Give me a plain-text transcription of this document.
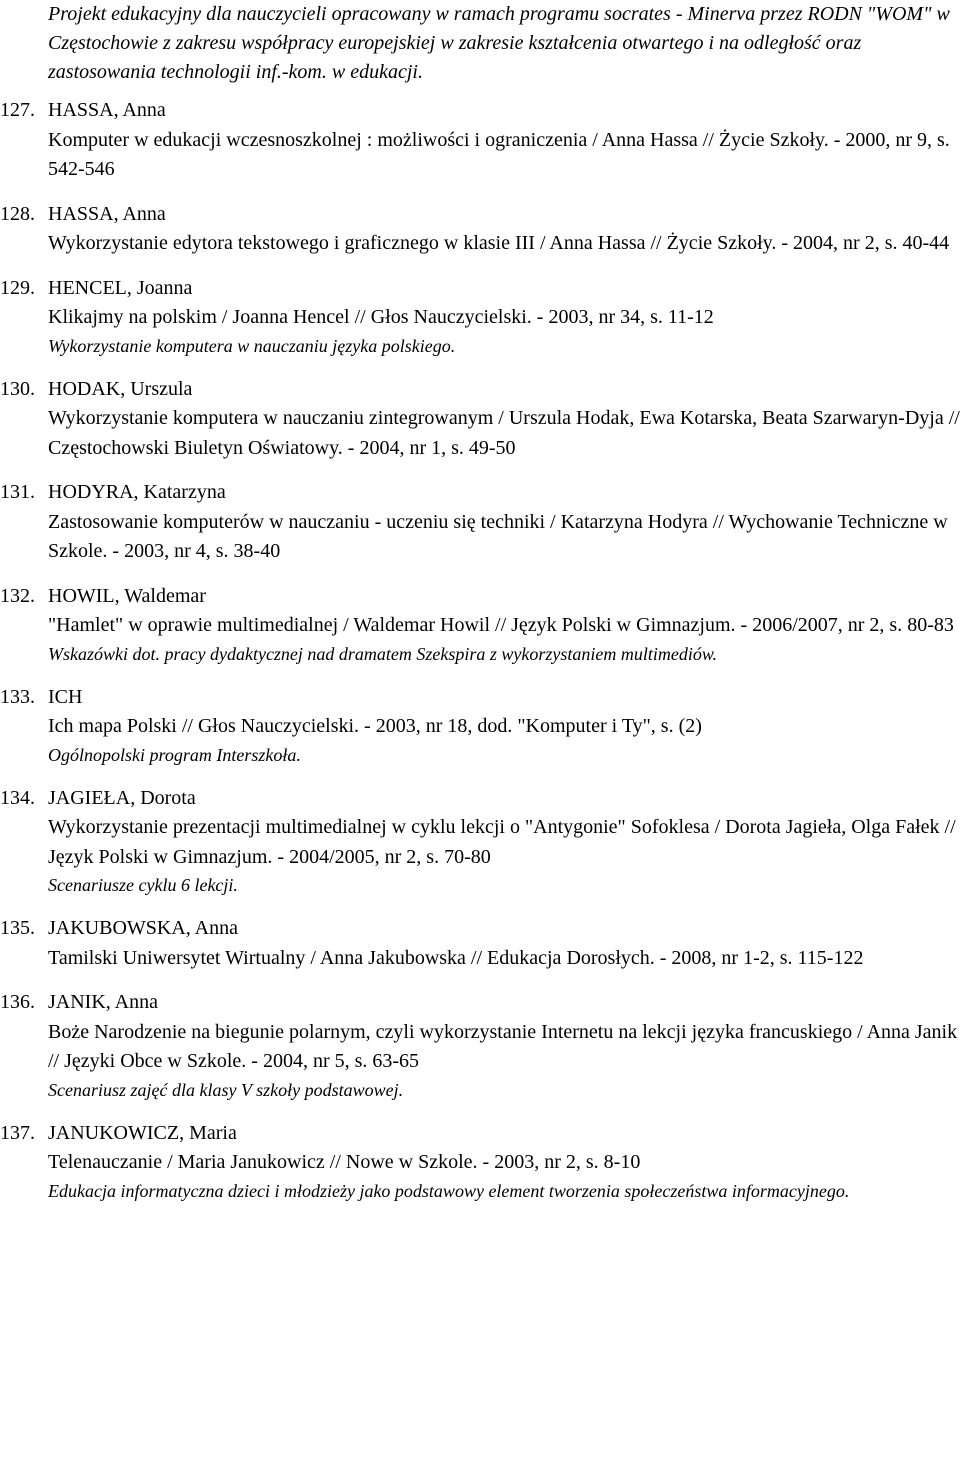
Projekt edukacyjny dla nauczycieli opracowany w ramach programu socrates - Minerva przez RODN "WOM" w Częstochowie z zakresu współpracy europejskiej w zakresie kształcenia otwartego i na odległość oraz zastosowania technologii inf.-kom. w edukacji.
127. HASSA, Anna
Komputer w edukacji wczesnoszkolnej : możliwości i ograniczenia / Anna Hassa // Życie Szkoły. - 2000, nr 9, s. 542-546
128. HASSA, Anna
Wykorzystanie edytora tekstowego i graficznego w klasie III / Anna Hassa // Życie Szkoły. - 2004, nr 2, s. 40-44
129. HENCEL, Joanna
Klikajmy na polskim / Joanna Hencel // Głos Nauczycielski. - 2003, nr 34, s. 11-12
Wykorzystanie komputera w nauczaniu języka polskiego.
130. HODAK, Urszula
Wykorzystanie komputera w nauczaniu zintegrowanym / Urszula Hodak, Ewa Kotarska, Beata Szarwaryn-Dyja // Częstochowski Biuletyn Oświatowy. - 2004, nr 1, s. 49-50
131. HODYRA, Katarzyna
Zastosowanie komputerów w nauczaniu - uczeniu się techniki / Katarzyna Hodyra // Wychowanie Techniczne w Szkole. - 2003, nr 4, s. 38-40
132. HOWIL, Waldemar
"Hamlet" w oprawie multimedialnej / Waldemar Howil // Język Polski w Gimnazjum. - 2006/2007, nr 2, s. 80-83
Wskazówki dot. pracy dydaktycznej nad dramatem Szekspira z wykorzystaniem multimediów.
133. ICH
Ich mapa Polski // Głos Nauczycielski. - 2003, nr 18, dod. "Komputer i Ty", s. (2)
Ogólnopolski program Interszkoła.
134. JAGIEŁA, Dorota
Wykorzystanie prezentacji multimedialnej w cyklu lekcji o "Antygonie" Sofoklesa / Dorota Jagieła, Olga Fałek // Język Polski w Gimnazjum. - 2004/2005, nr 2, s. 70-80
Scenariusze cyklu 6 lekcji.
135. JAKUBOWSKA, Anna
Tamilski Uniwersytet Wirtualny / Anna Jakubowska // Edukacja Dorosłych. - 2008, nr 1-2, s. 115-122
136. JANIK, Anna
Boże Narodzenie na biegunie polarnym, czyli wykorzystanie Internetu na lekcji języka francuskiego / Anna Janik // Języki Obce w Szkole. - 2004, nr 5, s. 63-65
Scenariusz zajęć dla klasy V szkoły podstawowej.
137. JANUKOWICZ, Maria
Telenauczanie / Maria Janukowicz // Nowe w Szkole. - 2003, nr 2, s. 8-10
Edukacja informatyczna dzieci i młodzieży jako podstawowy element tworzenia społeczeństwa informacyjnego.
